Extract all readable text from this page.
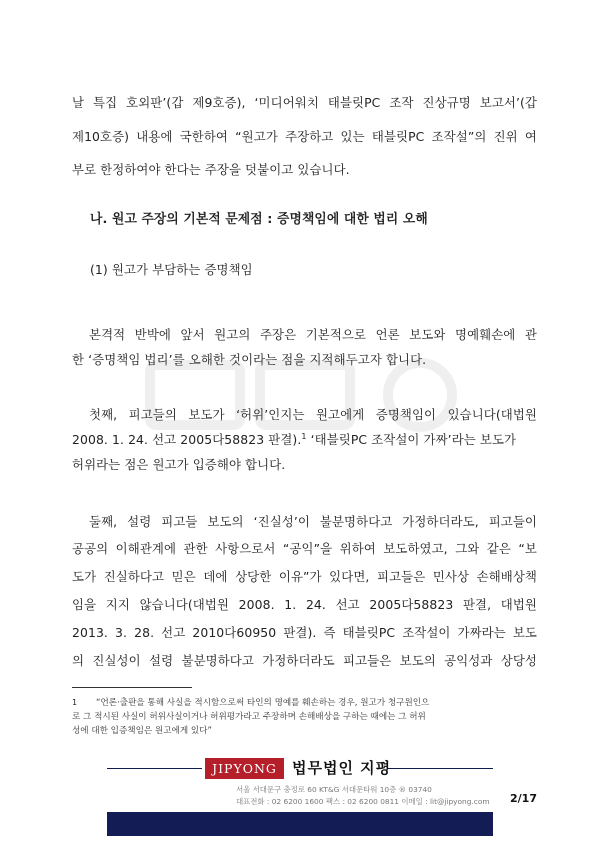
날 특집 호외판’(갑 제9호증), ‘미디어워치 태블릿PC 조작 진상규명 보고서’(갑
제10호증) 내용에 국한하여 “원고가 주장하고 있는 태블릿PC 조작설”의 진위 여
부로 한정하여야 한다는 주장을 덧붙이고 있습니다.
나. 원고 주장의 기본적 문제점 : 증명책임에 대한 법리 오해
(1) 원고가 부담하는 증명책임
본격적 반박에 앞서 원고의 주장은 기본적으로 언론 보도와 명예훼손에 관
한 ‘증명책임 법리’를 오해한 것이라는 점을 지적해두고자 합니다.
첫째, 피고들의 보도가 ‘허위’인지는 원고에게 증명책임이 있습니다(대법원
2008. 1. 24. 선고 2005다58823 판결).$^1$ ‘태블릿PC 조작설이 가짜’라는 보도가
허위라는 점은 원고가 입증해야 합니다.
둘째, 설령 피고들 보도의 ‘진실성’이 불분명하다고 가정하더라도, 피고들이
공공의 이해관계에 관한 사항으로서 “공익”을 위하여 보도하였고, 그와 같은 “보
도가 진실하다고 믿은 데에 상당한 이유”가 있다면, 피고들은 민사상 손해배상책
임을 지지 않습니다(대법원 2008. 1. 24. 선고 2005다58823 판결, 대법원
2013. 3. 28. 선고 2010다60950 판결). 즉 태블릿PC 조작설이 가짜라는 보도
의 진실성이 설령 불분명하다고 가정하더라도 피고들은 보도의 공익성과 상당성
1 “언론·출판을 통해 사실을 적시함으로써 타인의 명예를 훼손하는 경우, 원고가 청구원인으
로 그 적시된 사실이 허위사실이거나 허위평가라고 주장하며 손해배상을 구하는 때에는 그 허위
성에 대한 입증책임은 원고에게 있다”
JIPYONG	법무법인 지평
서울 서대문구 충정로 60 KT&G 서대문타워 10층 ® 03740
대표전화 : 02 6200 1600 팩스 : 02 6200 0811 이메일 : lit@jipyong.com 2/17
